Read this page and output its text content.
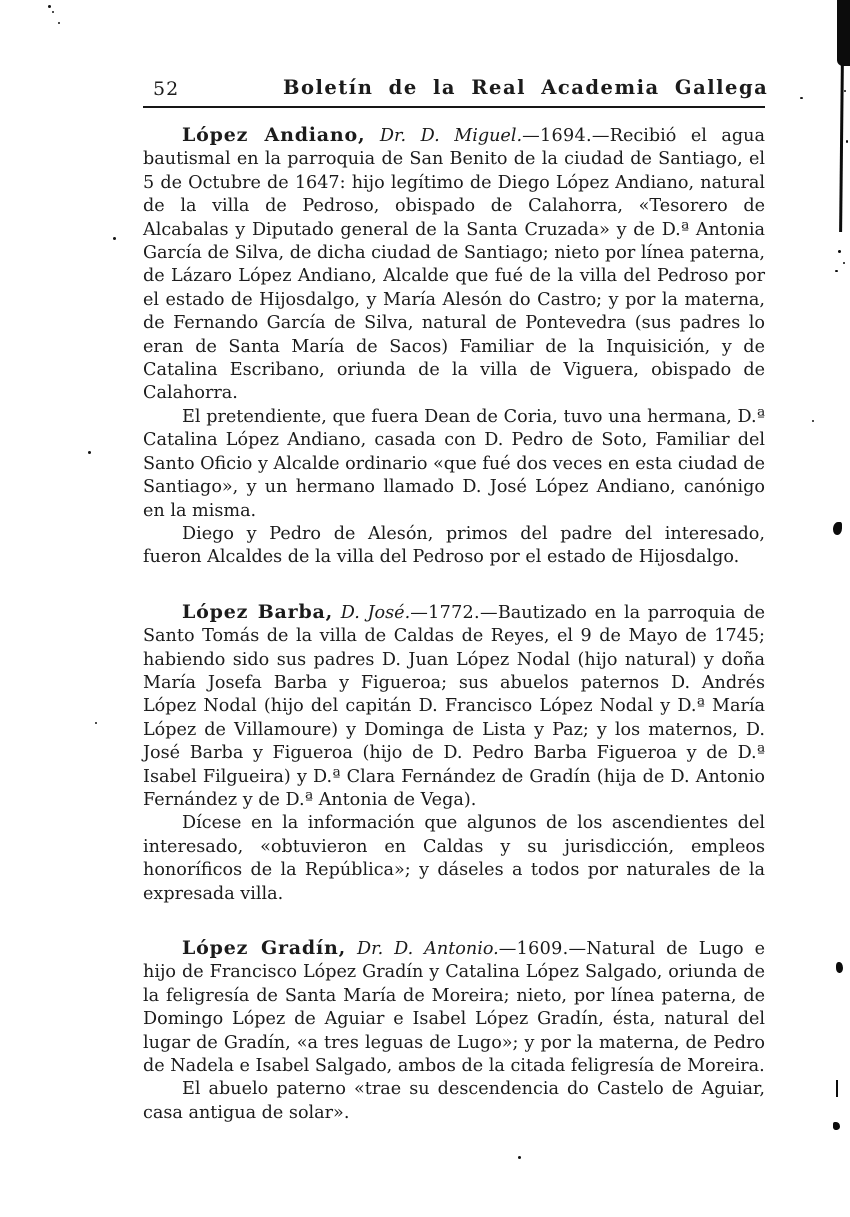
52	Boletín de la Real Academia Gallega

López Andiano, Dr. D. Miguel.—1694.—Recibió el agua bautismal en la parroquia de San Benito de la ciudad de Santiago, el 5 de Octubre de 1647: hijo legítimo de Diego López Andiano, natural de la villa de Pedroso, obispado de Calahorra, «Tesorero de Alcabalas y Diputado general de la Santa Cruzada» y de D.ª Antonia García de Silva, de dicha ciudad de Santiago; nieto por línea paterna, de Lázaro López Andiano, Alcalde que fué de la villa del Pedroso por el estado de Hijosdalgo, y María Alesón do Castro; y por la materna, de Fernando García de Silva, natural de Pontevedra (sus padres lo eran de Santa María de Sacos) Familiar de la Inquisición, y de Catalina Escribano, oriunda de la villa de Viguera, obispado de Calahorra.

El pretendiente, que fuera Dean de Coria, tuvo una hermana, D.ª Catalina López Andiano, casada con D. Pedro de Soto, Familiar del Santo Oficio y Alcalde ordinario «que fué dos veces en esta ciudad de Santiago», y un hermano llamado D. José López Andiano, canónigo en la misma.

Diego y Pedro de Alesón, primos del padre del interesado, fueron Alcaldes de la villa del Pedroso por el estado de Hijosdalgo.

López Barba, D. José.—1772.—Bautizado en la parroquia de Santo Tomás de la villa de Caldas de Reyes, el 9 de Mayo de 1745; habiendo sido sus padres D. Juan López Nodal (hijo natural) y doña María Josefa Barba y Figueroa; sus abuelos paternos D. Andrés López Nodal (hijo del capitán D. Francisco López Nodal y D.ª María López de Villamoure) y Dominga de Lista y Paz; y los maternos, D. José Barba y Figueroa (hijo de D. Pedro Barba Figueroa y de D.ª Isabel Filgueira) y D.ª Clara Fernández de Gradín (hija de D. Antonio Fernández y de D.ª Antonia de Vega).

Dícese en la información que algunos de los ascendientes del interesado, «obtuvieron en Caldas y su jurisdicción, empleos honoríficos de la República»; y dáseles a todos por naturales de la expresada villa.

López Gradín, Dr. D. Antonio.—1609.—Natural de Lugo e hijo de Francisco López Gradín y Catalina López Salgado, oriunda de la feligresía de Santa María de Moreira; nieto, por línea paterna, de Domingo López de Aguiar e Isabel López Gradín, ésta, natural del lugar de Gradín, «a tres leguas de Lugo»; y por la materna, de Pedro de Nadela e Isabel Salgado, ambos de la citada feligresía de Moreira.

El abuelo paterno «trae su descendencia do Castelo de Aguiar, casa antigua de solar».
